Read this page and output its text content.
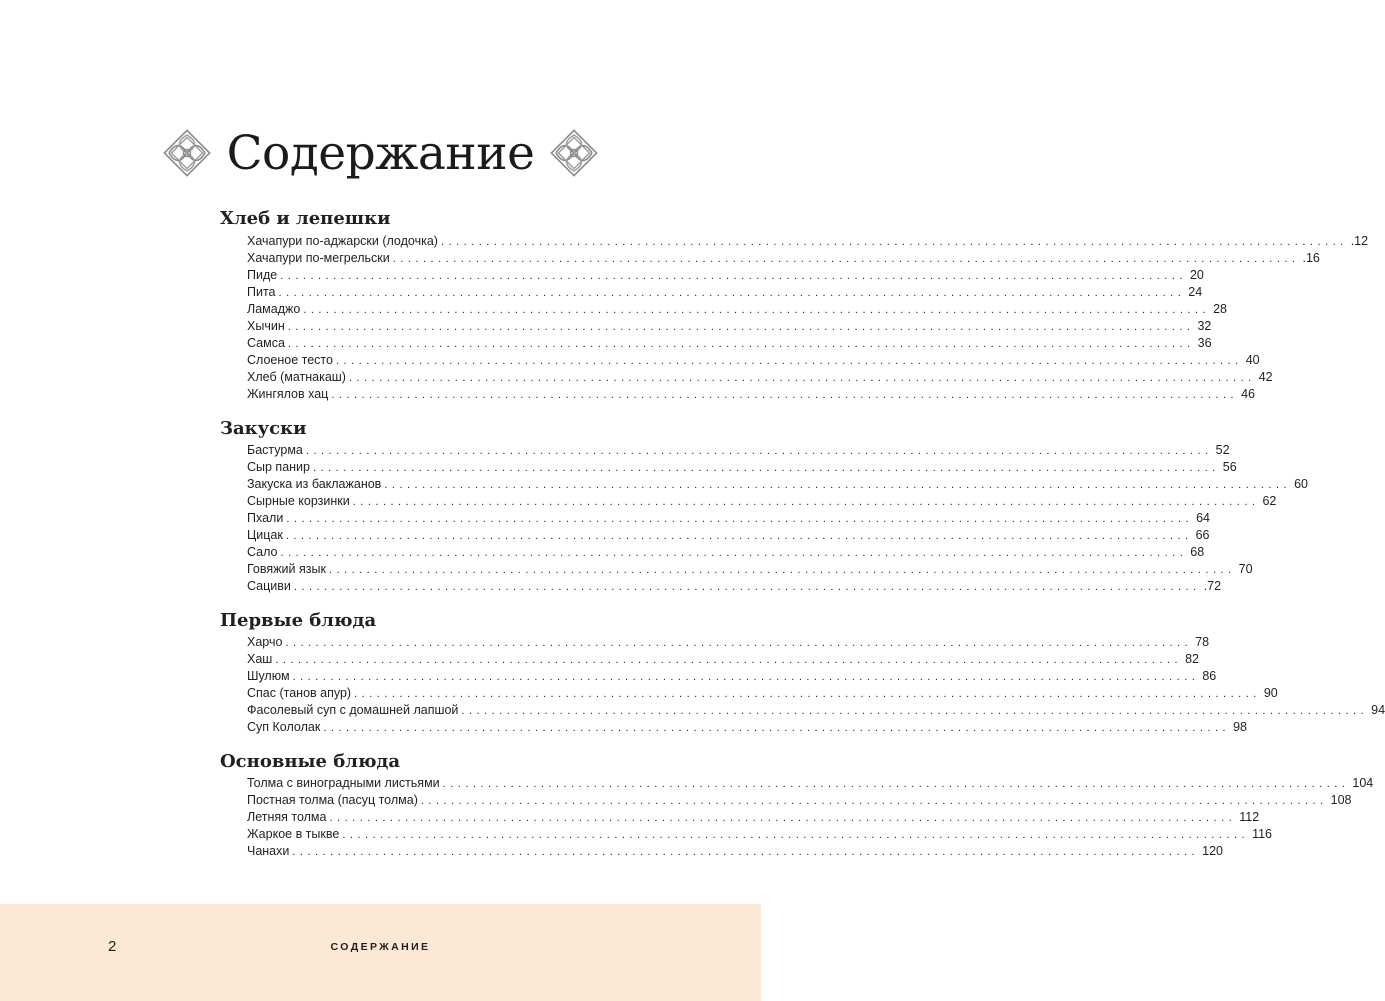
Содержание
Хлеб и лепешки
Хачапури по-аджарски (лодочка) ........................................................................................................................ .12
Хачапури по-мегрельски ........................................................................................................................ .16
Пиде ........................................................................................................................ 20
Пита ........................................................................................................................ 24
Ламаджо ........................................................................................................................ 28
Хычин ........................................................................................................................ 32
Самса ........................................................................................................................ 36
Слоеное тесто ........................................................................................................................ 40
Хлеб (матнакаш) ........................................................................................................................ 42
Жингялов хац ........................................................................................................................ 46
Закуски
Бастурма ........................................................................................................................ 52
Сыр панир ........................................................................................................................ 56
Закуска из баклажанов ........................................................................................................................ 60
Сырные корзинки ........................................................................................................................ 62
Пхали ........................................................................................................................ 64
Цицак ........................................................................................................................ 66
Сало ........................................................................................................................ 68
Говяжий язык ........................................................................................................................ 70
Сациви ........................................................................................................................ .72
Первые блюда
Харчо ........................................................................................................................ 78
Хаш ........................................................................................................................ 82
Шулюм ........................................................................................................................ 86
Спас (танов апур) ........................................................................................................................ 90
Фасолевый суп с домашней лапшой ........................................................................................................................ 94
Суп Кололак ........................................................................................................................ 98
Основные блюда
Толма с виноградными листьями ........................................................................................................................ 104
Постная толма (пасуц толма) ........................................................................................................................ 108
Летняя толма ........................................................................................................................ 112
Жаркое в тыкве ........................................................................................................................ 116
Чанахи ........................................................................................................................ 120
2	СОДЕРЖАНИЕ
